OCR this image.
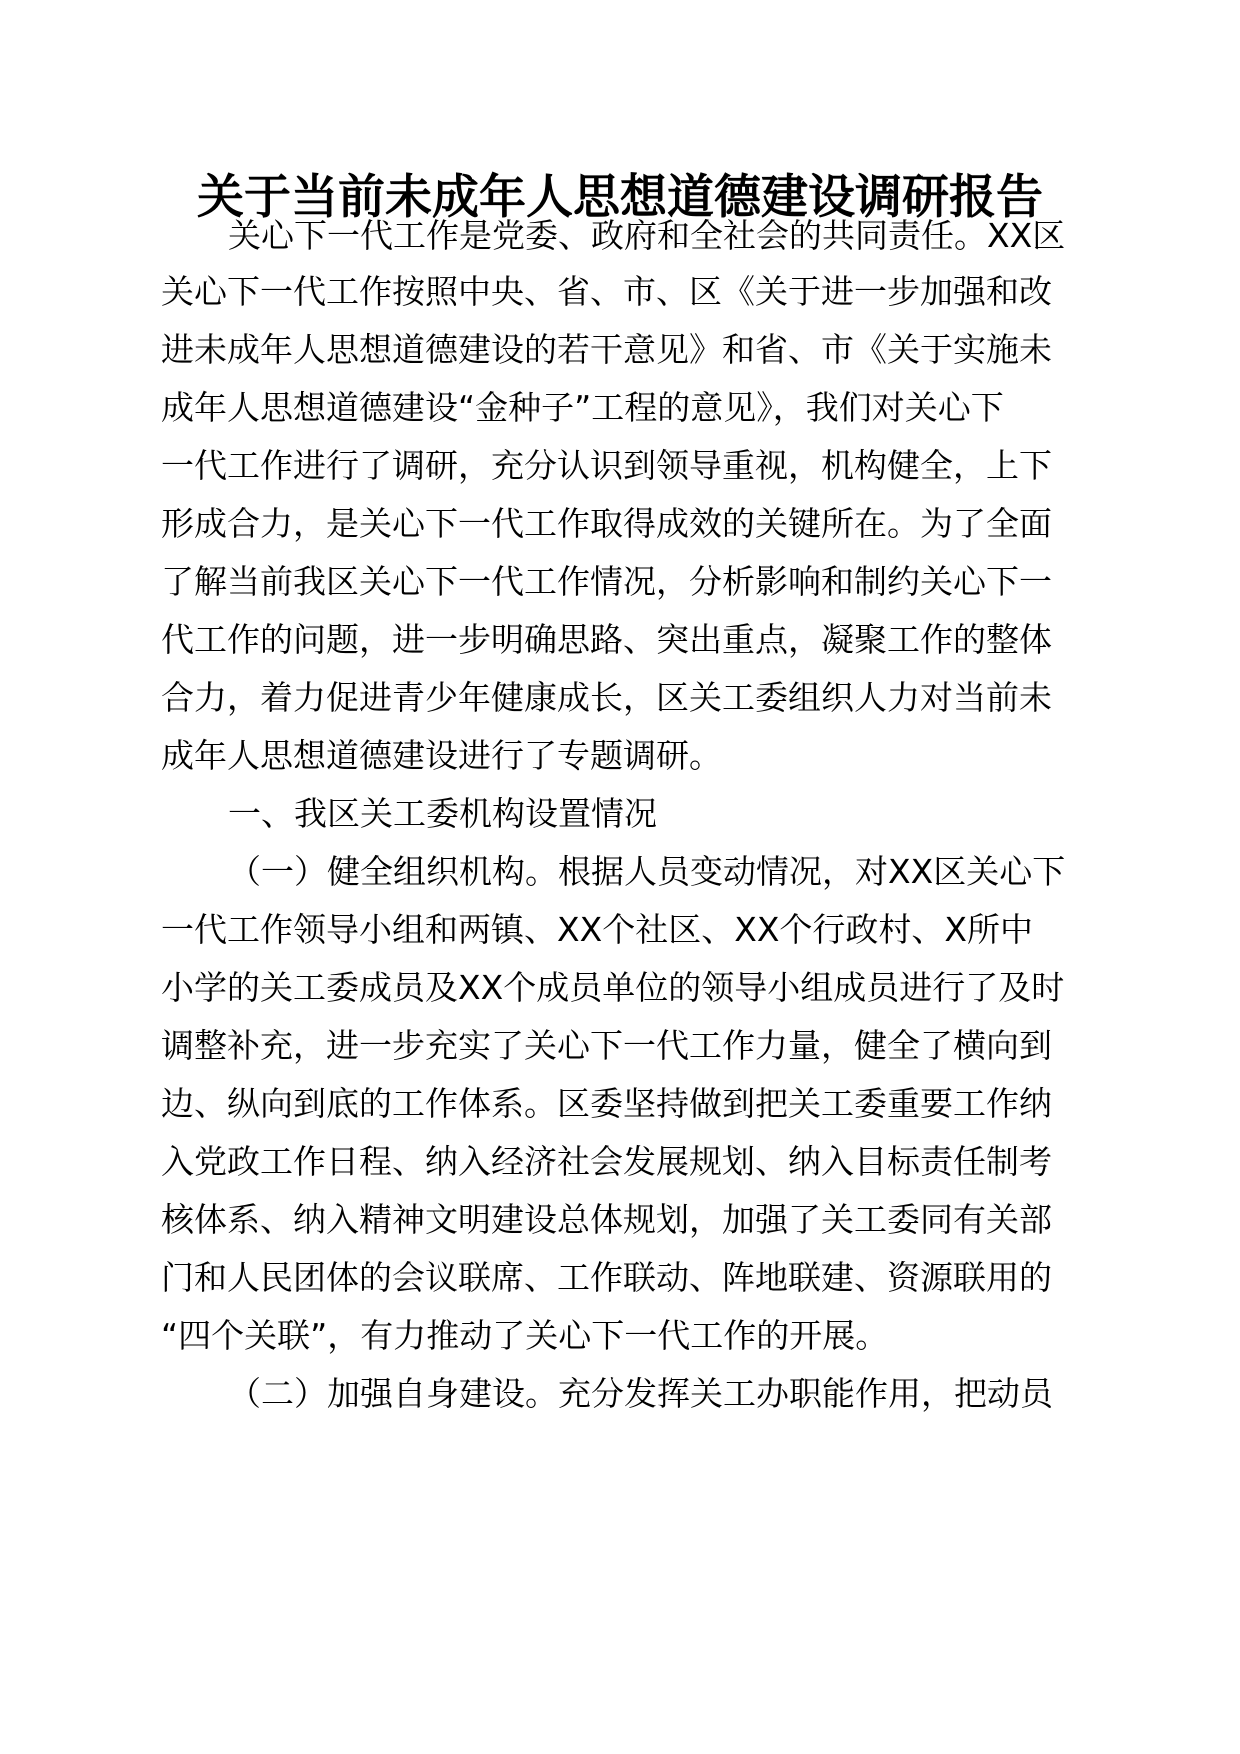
关于当前未成年人思想道德建设调研报告
关心下一代工作是党委、政府和全社会的共同责任。XX区
关心下一代工作按照中央、省、市、区《关于进一步加强和改
进未成年人思想道德建设的若干意见》和省、市《关于实施未
成年人思想道德建设“金种子”工程的意见》，我们对关心下
一代工作进行了调研，充分认识到领导重视，机构健全，上下
形成合力，是关心下一代工作取得成效的关键所在。为了全面
了解当前我区关心下一代工作情况，分析影响和制约关心下一
代工作的问题，进一步明确思路、突出重点，凝聚工作的整体
合力，着力促进青少年健康成长，区关工委组织人力对当前未
成年人思想道德建设进行了专题调研。
一、我区关工委机构设置情况
（一）健全组织机构。根据人员变动情况，对XX区关心下
一代工作领导小组和两镇、XX个社区、XX个行政村、X所中
小学的关工委成员及XX个成员单位的领导小组成员进行了及时
调整补充，进一步充实了关心下一代工作力量，健全了横向到
边、纵向到底的工作体系。区委坚持做到把关工委重要工作纳
入党政工作日程、纳入经济社会发展规划、纳入目标责任制考
核体系、纳入精神文明建设总体规划，加强了关工委同有关部
门和人民团体的会议联席、工作联动、阵地联建、资源联用的
“四个关联”，有力推动了关心下一代工作的开展。
（二）加强自身建设。充分发挥关工办职能作用，把动员
